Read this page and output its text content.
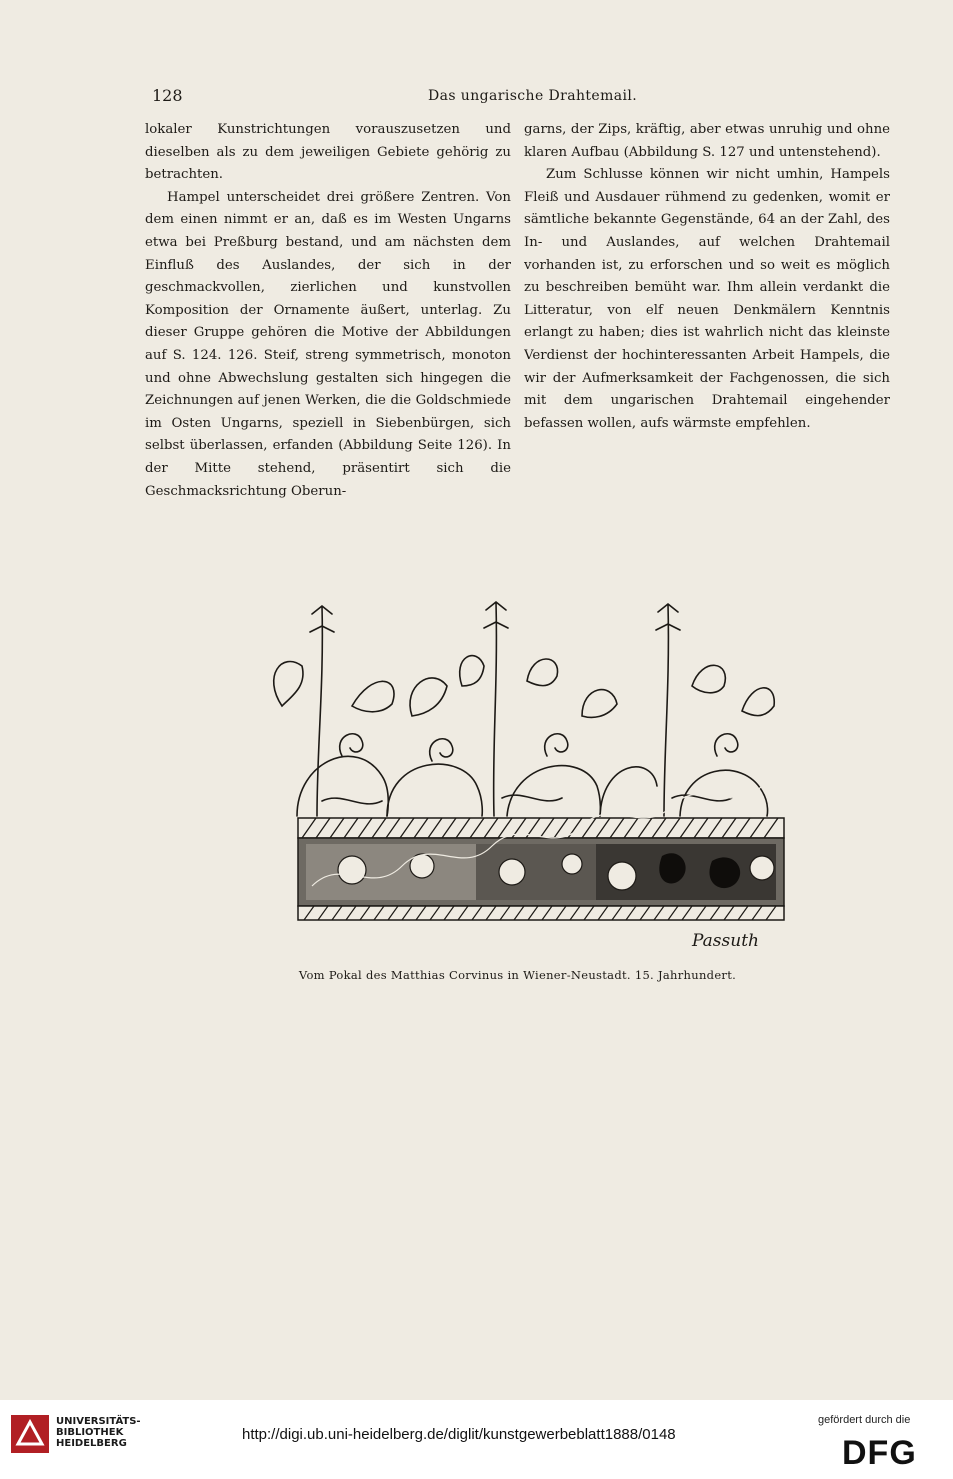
128	Das ungarische Drahtemail.

lokaler Kunstrichtungen vorauszusetzen und dieselben als zu dem jeweiligen Gebiete gehörig zu betrachten.

Hampel unterscheidet drei größere Zentren. Von dem einen nimmt er an, daß es im Westen Ungarns etwa bei Preßburg bestand, und am nächsten dem Einfluß des Auslandes, der sich in der geschmackvollen, zierlichen und kunstvollen Komposition der Ornamente äußert, unterlag. Zu dieser Gruppe gehören die Motive der Abbildungen auf S. 124. 126. Steif, streng symmetrisch, monoton und ohne Abwechslung gestalten sich hingegen die Zeichnungen auf jenen Werken, die die Goldschmiede im Osten Ungarns, speziell in Siebenbürgen, sich selbst überlassen, erfanden (Abbildung Seite 126). In der Mitte stehend, präsentirt sich die Geschmacksrichtung Oberun-

garns, der Zips, kräftig, aber etwas unruhig und ohne klaren Aufbau (Abbildung S. 127 und untenstehend).

Zum Schlusse können wir nicht umhin, Hampels Fleiß und Ausdauer rühmend zu gedenken, womit er sämtliche bekannte Gegenstände, 64 an der Zahl, des In- und Auslandes, auf welchen Drahtemail vorhanden ist, zu erforschen und so weit es möglich zu beschreiben bemüht war. Ihm allein verdankt die Litteratur, von elf neuen Denkmälern Kenntnis erlangt zu haben; dies ist wahrlich nicht das kleinste Verdienst der hochinteressanten Arbeit Hampels, die wir der Aufmerksamkeit der Fachgenossen, die sich mit dem ungarischen Drahtemail eingehender befassen wollen, aufs wärmste empfehlen.

Passuth
Vom Pokal des Matthias Corvinus in Wiener-Neustadt. 15. Jahrhundert.
UNIVERSITÄTS-
BIBLIOTHEK
HEIDELBERG
http://digi.ub.uni-heidelberg.de/diglit/kunstgewerbeblatt1888/0148
gefördert durch die
DFG
